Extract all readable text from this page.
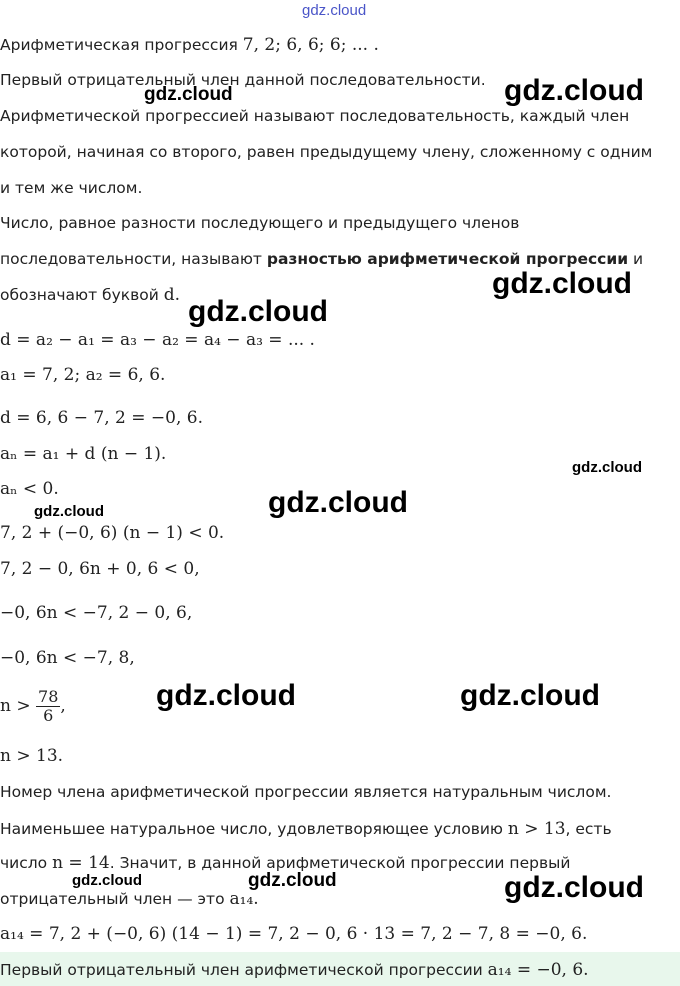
gdz.cloud
Арифметическая прогрессия 7, 2; 6, 6; 6; ... .
Первый отрицательный член данной последовательности.
Арифметической прогрессией называют последовательность, каждый член
которой, начиная со второго, равен предыдущему члену, сложенному с одним
и тем же числом.
Число, равное разности последующего и предыдущего членов
последовательности, называют разностью арифметической прогрессии и
обозначают буквой d.
d = a₂ − a₁ = a₃ − a₂ = a₄ − a₃ = ... .
a₁ = 7, 2; a₂ = 6, 6.
d = 6, 6 − 7, 2 = −0, 6.
aₙ = a₁ + d (n − 1).
aₙ < 0.
7, 2 + (−0, 6) (n − 1) < 0.
7, 2 − 0, 6n + 0, 6 < 0,
−0, 6n < −7, 2 − 0, 6,
−0, 6n < −7, 8,
$n > \frac{78}{6}$ ,
n > 13.
Номер члена арифметической прогрессии является натуральным числом.
Наименьшее натуральное число, удовлетворяющее условию n > 13, есть
число n = 14. Значит, в данной арифметической прогрессии первый
отрицательный член — это a₁₄.
a₁₄ = 7, 2 + (−0, 6) (14 − 1) = 7, 2 − 0, 6 · 13 = 7, 2 − 7, 8 = −0, 6.
Первый отрицательный член арифметической прогрессии a₁₄ = −0, 6.
gdz.cloud
gdz.cloud
gdz.cloud
gdz.cloud
gdz.cloud
gdz.cloud
gdz.cloud
gdz.cloud	gdz.cloud
gdz.cloud	gdz.cloud	gdz.cloud
